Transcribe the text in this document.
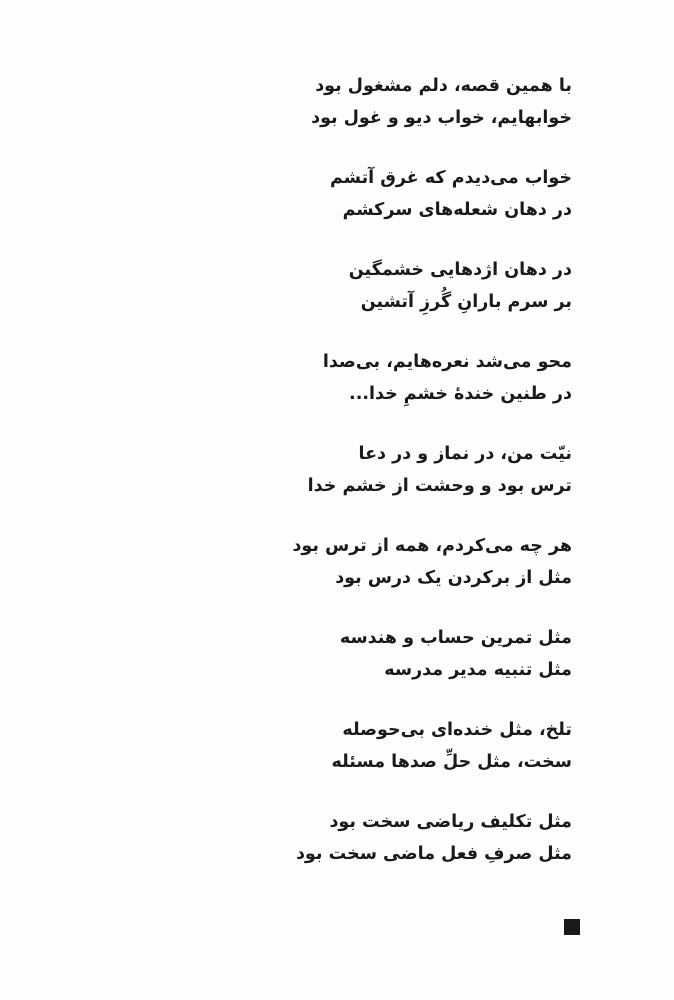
با همین قصه، دلم مشغول بود
خوابهایم، خواب دیو و غول بود
خواب می‌دیدم که غرق آتشم
در دهان شعله‌های سرکشم
در دهان اژدهایی خشمگین
بر سرم بارانِ گُرزِ آتشین
محو می‌شد نعره‌هایم، بی‌صدا
در طنین خندهٔ خشمِ خدا...
نیّت من، در نماز و در دعا
ترس بود و وحشت از خشم خدا
هر چه می‌کردم، همه از ترس بود
مثل از برکردن یک درس بود
مثل تمرین حساب و هندسه
مثل تنبیه مدیر مدرسه
تلخ، مثل خنده‌ای بی‌حوصله
سخت، مثل حلِّ صدها مسئله
مثل تکلیف ریاضی سخت بود
مثل صرفِ فعل ماضی سخت بود
